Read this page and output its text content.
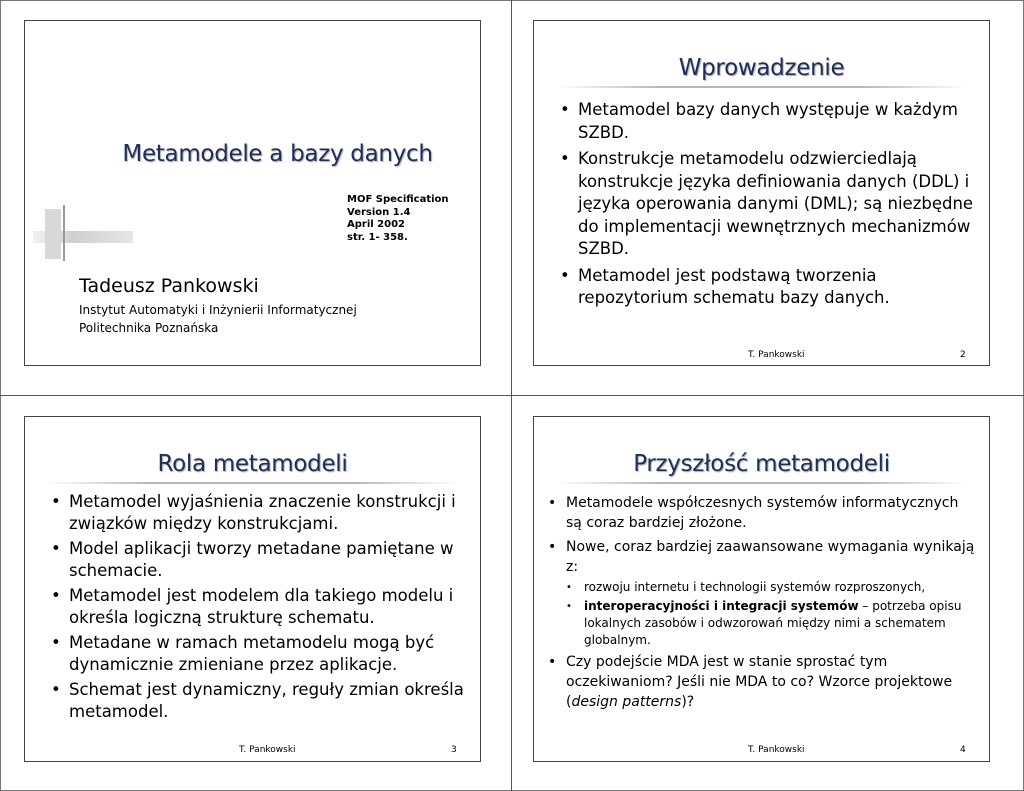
Metamodele a bazy danych
MOF Specification
Version 1.4
April 2002
str. 1- 358.
Tadeusz Pankowski
Instytut Automatyki i Inżynierii Informatycznej
Politechnika Poznańska
Wprowadzenie
• Metamodel bazy danych występuje w każdym SZBD.
• Konstrukcje metamodelu odzwierciedlają konstrukcje języka definiowania danych (DDL) i języka operowania danymi (DML); są niezbędne do implementacji wewnętrznych mechanizmów SZBD.
• Metamodel jest podstawą tworzenia repozytorium schematu bazy danych.
T. Pankowski	2
Rola metamodeli
• Metamodel wyjaśnienia znaczenie konstrukcji i związków między konstrukcjami.
• Model aplikacji tworzy metadane pamiętane w schemacie.
• Metamodel jest modelem dla takiego modelu i określa logiczną strukturę schematu.
• Metadane w ramach metamodelu mogą być dynamicznie zmieniane przez aplikacje.
• Schemat jest dynamiczny, reguły zmian określa metamodel.
T. Pankowski	3
Przyszłość metamodeli
• Metamodele współczesnych systemów informatycznych są coraz bardziej złożone.
• Nowe, coraz bardziej zaawansowane wymagania wynikają z:
• rozwoju internetu i technologii systemów rozproszonych,
• interoperacyjności i integracji systemów – potrzeba opisu lokalnych zasobów i odwzorowań między nimi a schematem globalnym.
• Czy podejście MDA jest w stanie sprostać tym oczekiwaniom? Jeśli nie MDA to co? Wzorce projektowe (design patterns)?
T. Pankowski	4
